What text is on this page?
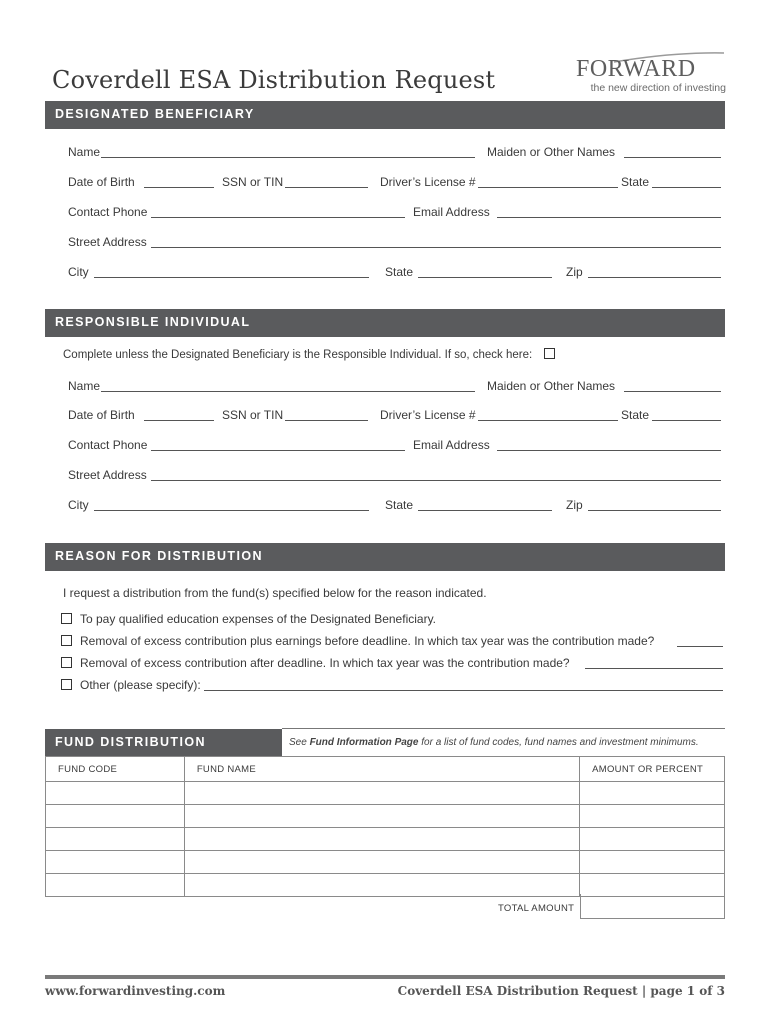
Coverdell ESA Distribution Request	FORWARD
the new direction of investing
DESIGNATED BENEFICIARY
Name	Maiden or Other Names
Date of Birth	SSN or TIN	Driver’s License #	State
Contact Phone	Email Address
Street Address
City	State	Zip
RESPONSIBLE INDIVIDUAL
Complete unless the Designated Beneficiary is the Responsible Individual. If so, check here:
Name	Maiden or Other Names
Date of Birth	SSN or TIN	Driver’s License #	State
Contact Phone	Email Address
Street Address
City	State	Zip
REASON FOR DISTRIBUTION
I request a distribution from the fund(s) specified below for the reason indicated.
To pay qualified education expenses of the Designated Beneficiary.
Removal of excess contribution plus earnings before deadline. In which tax year was the contribution made?
Removal of excess contribution after deadline. In which tax year was the contribution made?
Other (please specify):
FUND DISTRIBUTION	See Fund Information Page for a list of fund codes, fund names and investment minimums.
FUND CODE	FUND NAME	AMOUNT OR PERCENT

TOTAL AMOUNT
www.forwardinvesting.com	Coverdell ESA Distribution Request | page 1 of 3
